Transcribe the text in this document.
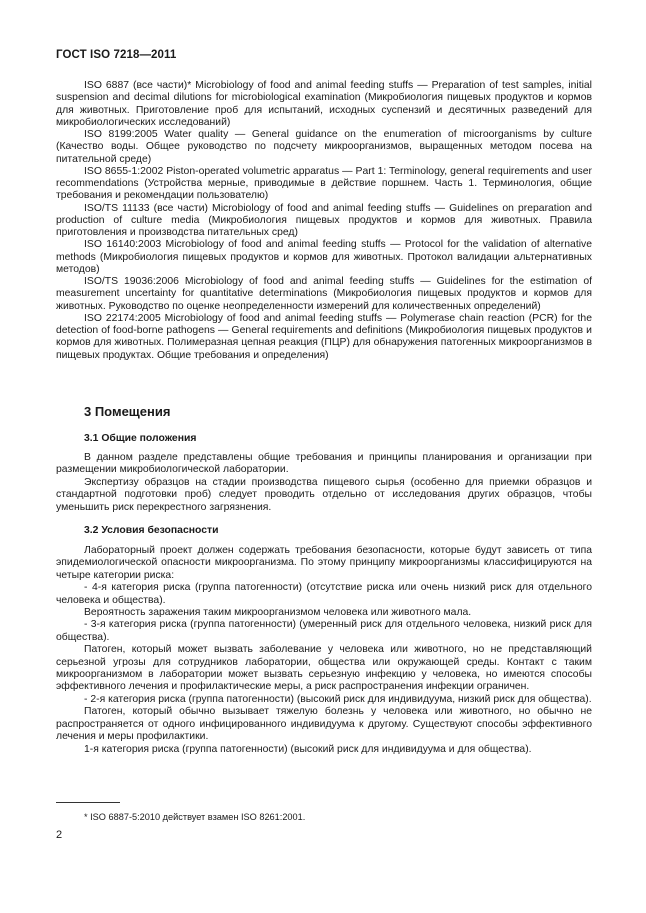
ГОСТ ISO 7218—2011

ISO 6887 (все части)* Microbiology of food and animal feeding stuffs — Preparation of test samples, initial suspension and decimal dilutions for microbiological examination (Микробиология пищевых продуктов и кормов для животных. Приготовление проб для испытаний, исходных суспензий и десятичных разведений для микробиологических исследований)

ISO 8199:2005 Water quality — General guidance on the enumeration of microorganisms by culture (Качество воды. Общее руководство по подсчету микроорганизмов, выращенных методом посева на питательной среде)

ISO 8655-1:2002 Piston-operated volumetric apparatus — Part 1: Terminology, general requirements and user recommendations (Устройства мерные, приводимые в действие поршнем. Часть 1. Терминология, общие требования и рекомендации пользователю)

ISO/TS 11133 (все части) Microbiology of food and animal feeding stuffs — Guidelines on preparation and production of culture media (Микробиология пищевых продуктов и кормов для животных. Правила приготовления и производства питательных сред)

ISO 16140:2003 Microbiology of food and animal feeding stuffs — Protocol for the validation of alternative methods (Микробиология пищевых продуктов и кормов для животных. Протокол валидации альтернативных методов)

ISO/TS 19036:2006 Microbiology of food and animal feeding stuffs — Guidelines for the estimation of measurement uncertainty for quantitative determinations (Микробиология пищевых продуктов и кормов для животных. Руководство по оценке неопределенности измерений для количественных определений)

ISO 22174:2005 Microbiology of food and animal feeding stuffs — Polymerase chain reaction (PCR) for the detection of food-borne pathogens — General requirements and definitions (Микробиология пищевых продуктов и кормов для животных. Полимеразная цепная реакция (ПЦР) для обнаружения патогенных микроорганизмов в пищевых продуктах. Общие требования и определения)

3 Помещения
3.1 Общие положения

В данном разделе представлены общие требования и принципы планирования и организации при размещении микробиологической лаборатории.

Экспертизу образцов на стадии производства пищевого сырья (особенно для приемки образцов и стандартной подготовки проб) следует проводить отдельно от исследования других образцов, чтобы уменьшить риск перекрестного загрязнения.

3.2 Условия безопасности

Лабораторный проект должен содержать требования безопасности, которые будут зависеть от типа эпидемиологической опасности микроорганизма. По этому принципу микроорганизмы классифицируются на четыре категории риска:

- 4-я категория риска (группа патогенности) (отсутствие риска или очень низкий риск для отдельного человека и общества).

Вероятность заражения таким микроорганизмом человека или животного мала.

- 3-я категория риска (группа патогенности) (умеренный риск для отдельного человека, низкий риск для общества).

Патоген, который может вызвать заболевание у человека или животного, но не представляющий серьезной угрозы для сотрудников лаборатории, общества или окружающей среды. Контакт с таким микроорганизмом в лаборатории может вызвать серьезную инфекцию у человека, но имеются способы эффективного лечения и профилактические меры, а риск распространения инфекции ограничен.

- 2-я категория риска (группа патогенности) (высокий риск для индивидуума, низкий риск для общества).

Патоген, который обычно вызывает тяжелую болезнь у человека или животного, но обычно не распространяется от одного инфицированного индивидуума к другому. Существуют способы эффективного лечения и меры профилактики.

1-я категория риска (группа патогенности) (высокий риск для индивидуума и для общества).

* ISO 6887-5:2010 действует взамен ISO 8261:2001.
2
